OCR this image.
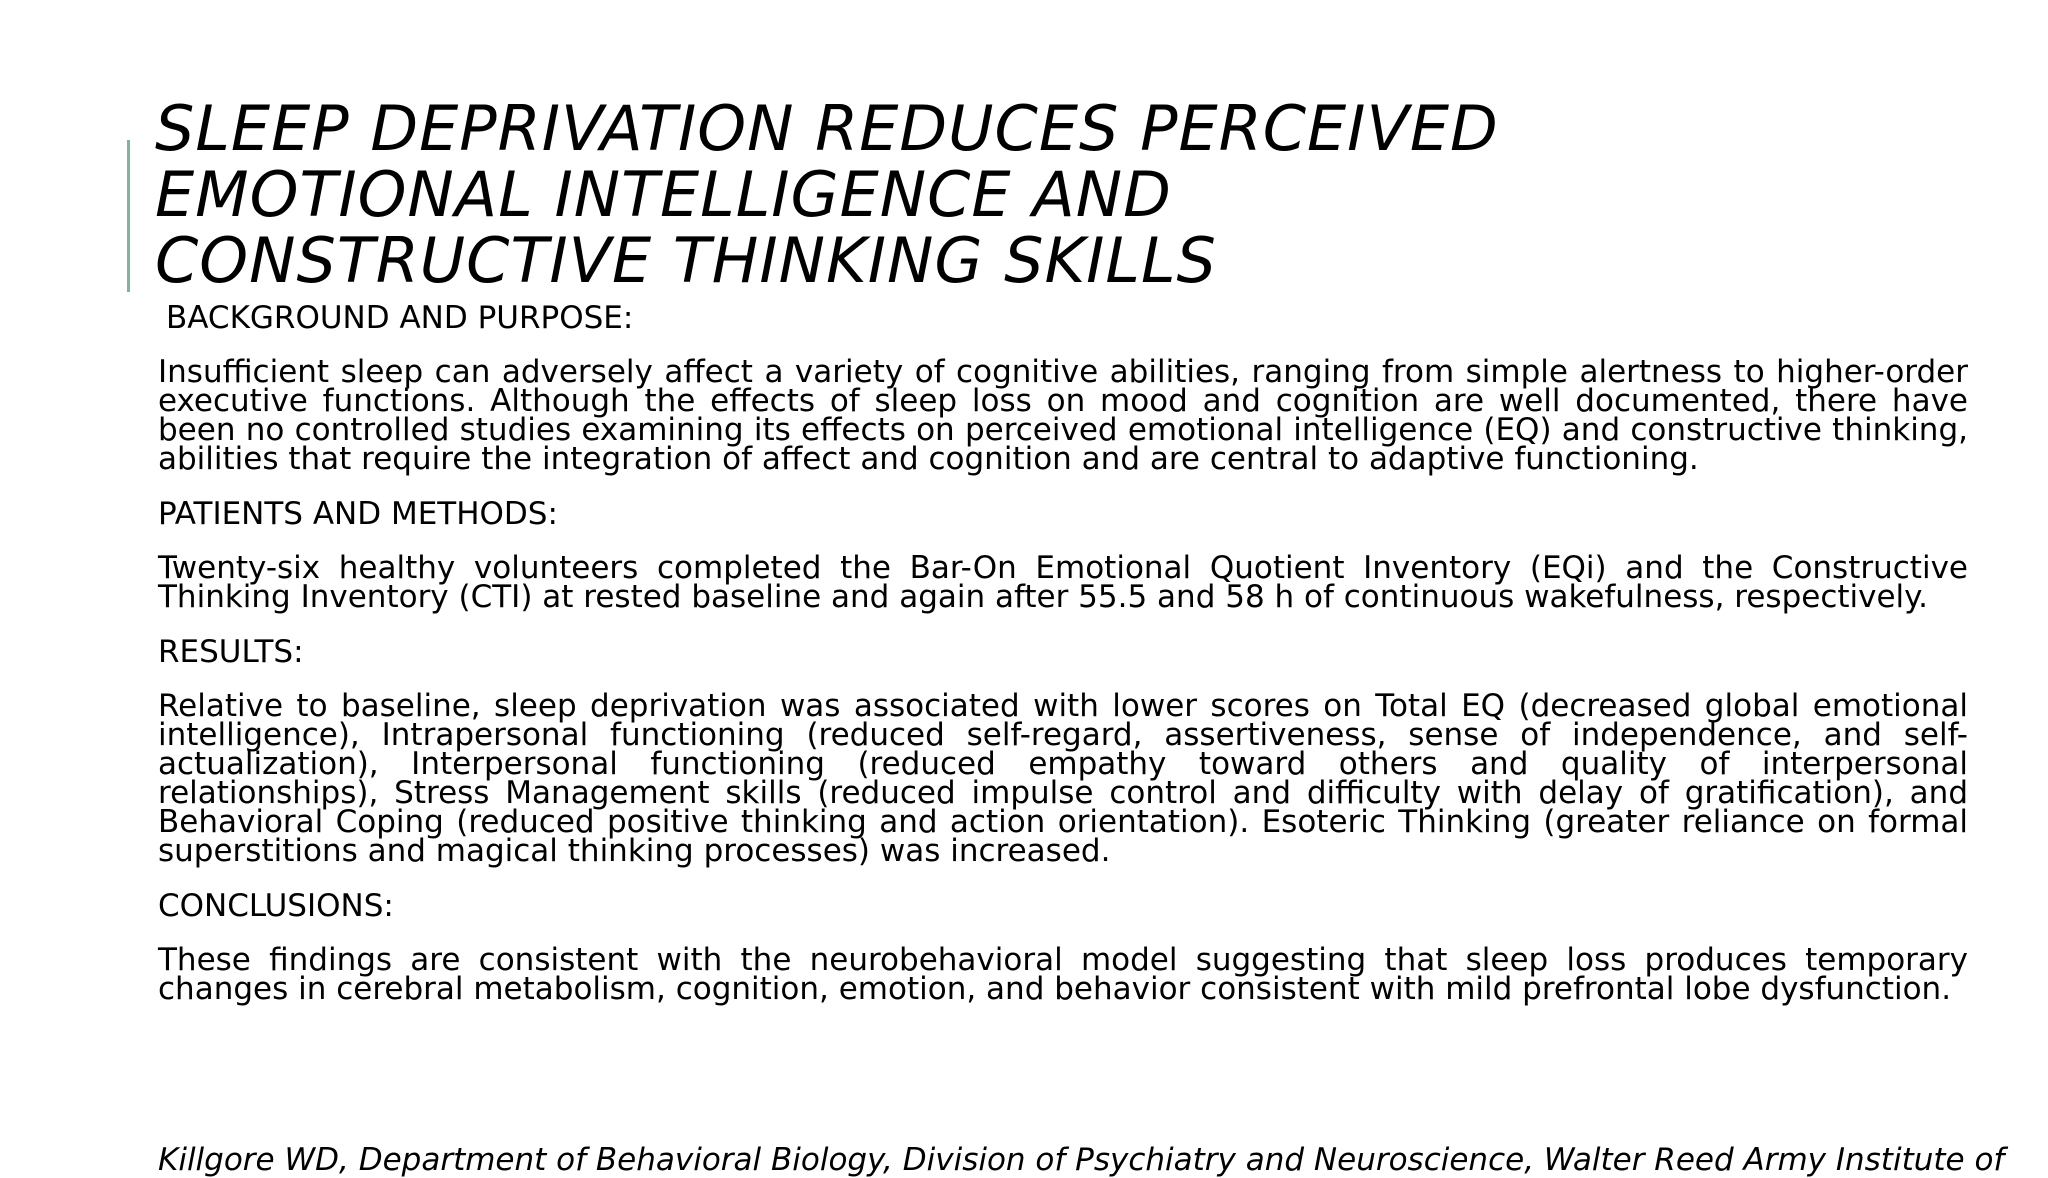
SLEEP DEPRIVATION REDUCES PERCEIVED
EMOTIONAL INTELLIGENCE AND
CONSTRUCTIVE THINKING SKILLS
BACKGROUND AND PURPOSE:

Insufficient sleep can adversely affect a variety of cognitive abilities, ranging from simple alertness to higher-order executive functions. Although the effects of sleep loss on mood and cognition are well documented, there have been no controlled studies examining its effects on perceived emotional intelligence (EQ) and constructive thinking, abilities that require the integration of affect and cognition and are central to adaptive functioning.

PATIENTS AND METHODS:

Twenty-six healthy volunteers completed the Bar-On Emotional Quotient Inventory (EQi) and the Constructive Thinking Inventory (CTI) at rested baseline and again after 55.5 and 58 h of continuous wakefulness, respectively.

RESULTS:

Relative to baseline, sleep deprivation was associated with lower scores on Total EQ (decreased global emotional intelligence), Intrapersonal functioning (reduced self-regard, assertiveness, sense of independence, and self-actualization), Interpersonal functioning (reduced empathy toward others and quality of interpersonal relationships), Stress Management skills (reduced impulse control and difficulty with delay of gratification), and Behavioral Coping (reduced positive thinking and action orientation). Esoteric Thinking (greater reliance on formal superstitions and magical thinking processes) was increased.

CONCLUSIONS:

These findings are consistent with the neurobehavioral model suggesting that sleep loss produces temporary changes in cerebral metabolism, cognition, emotion, and behavior consistent with mild prefrontal lobe dysfunction.

Killgore WD, Department of Behavioral Biology, Division of Psychiatry and Neuroscience, Walter Reed Army Institute of
